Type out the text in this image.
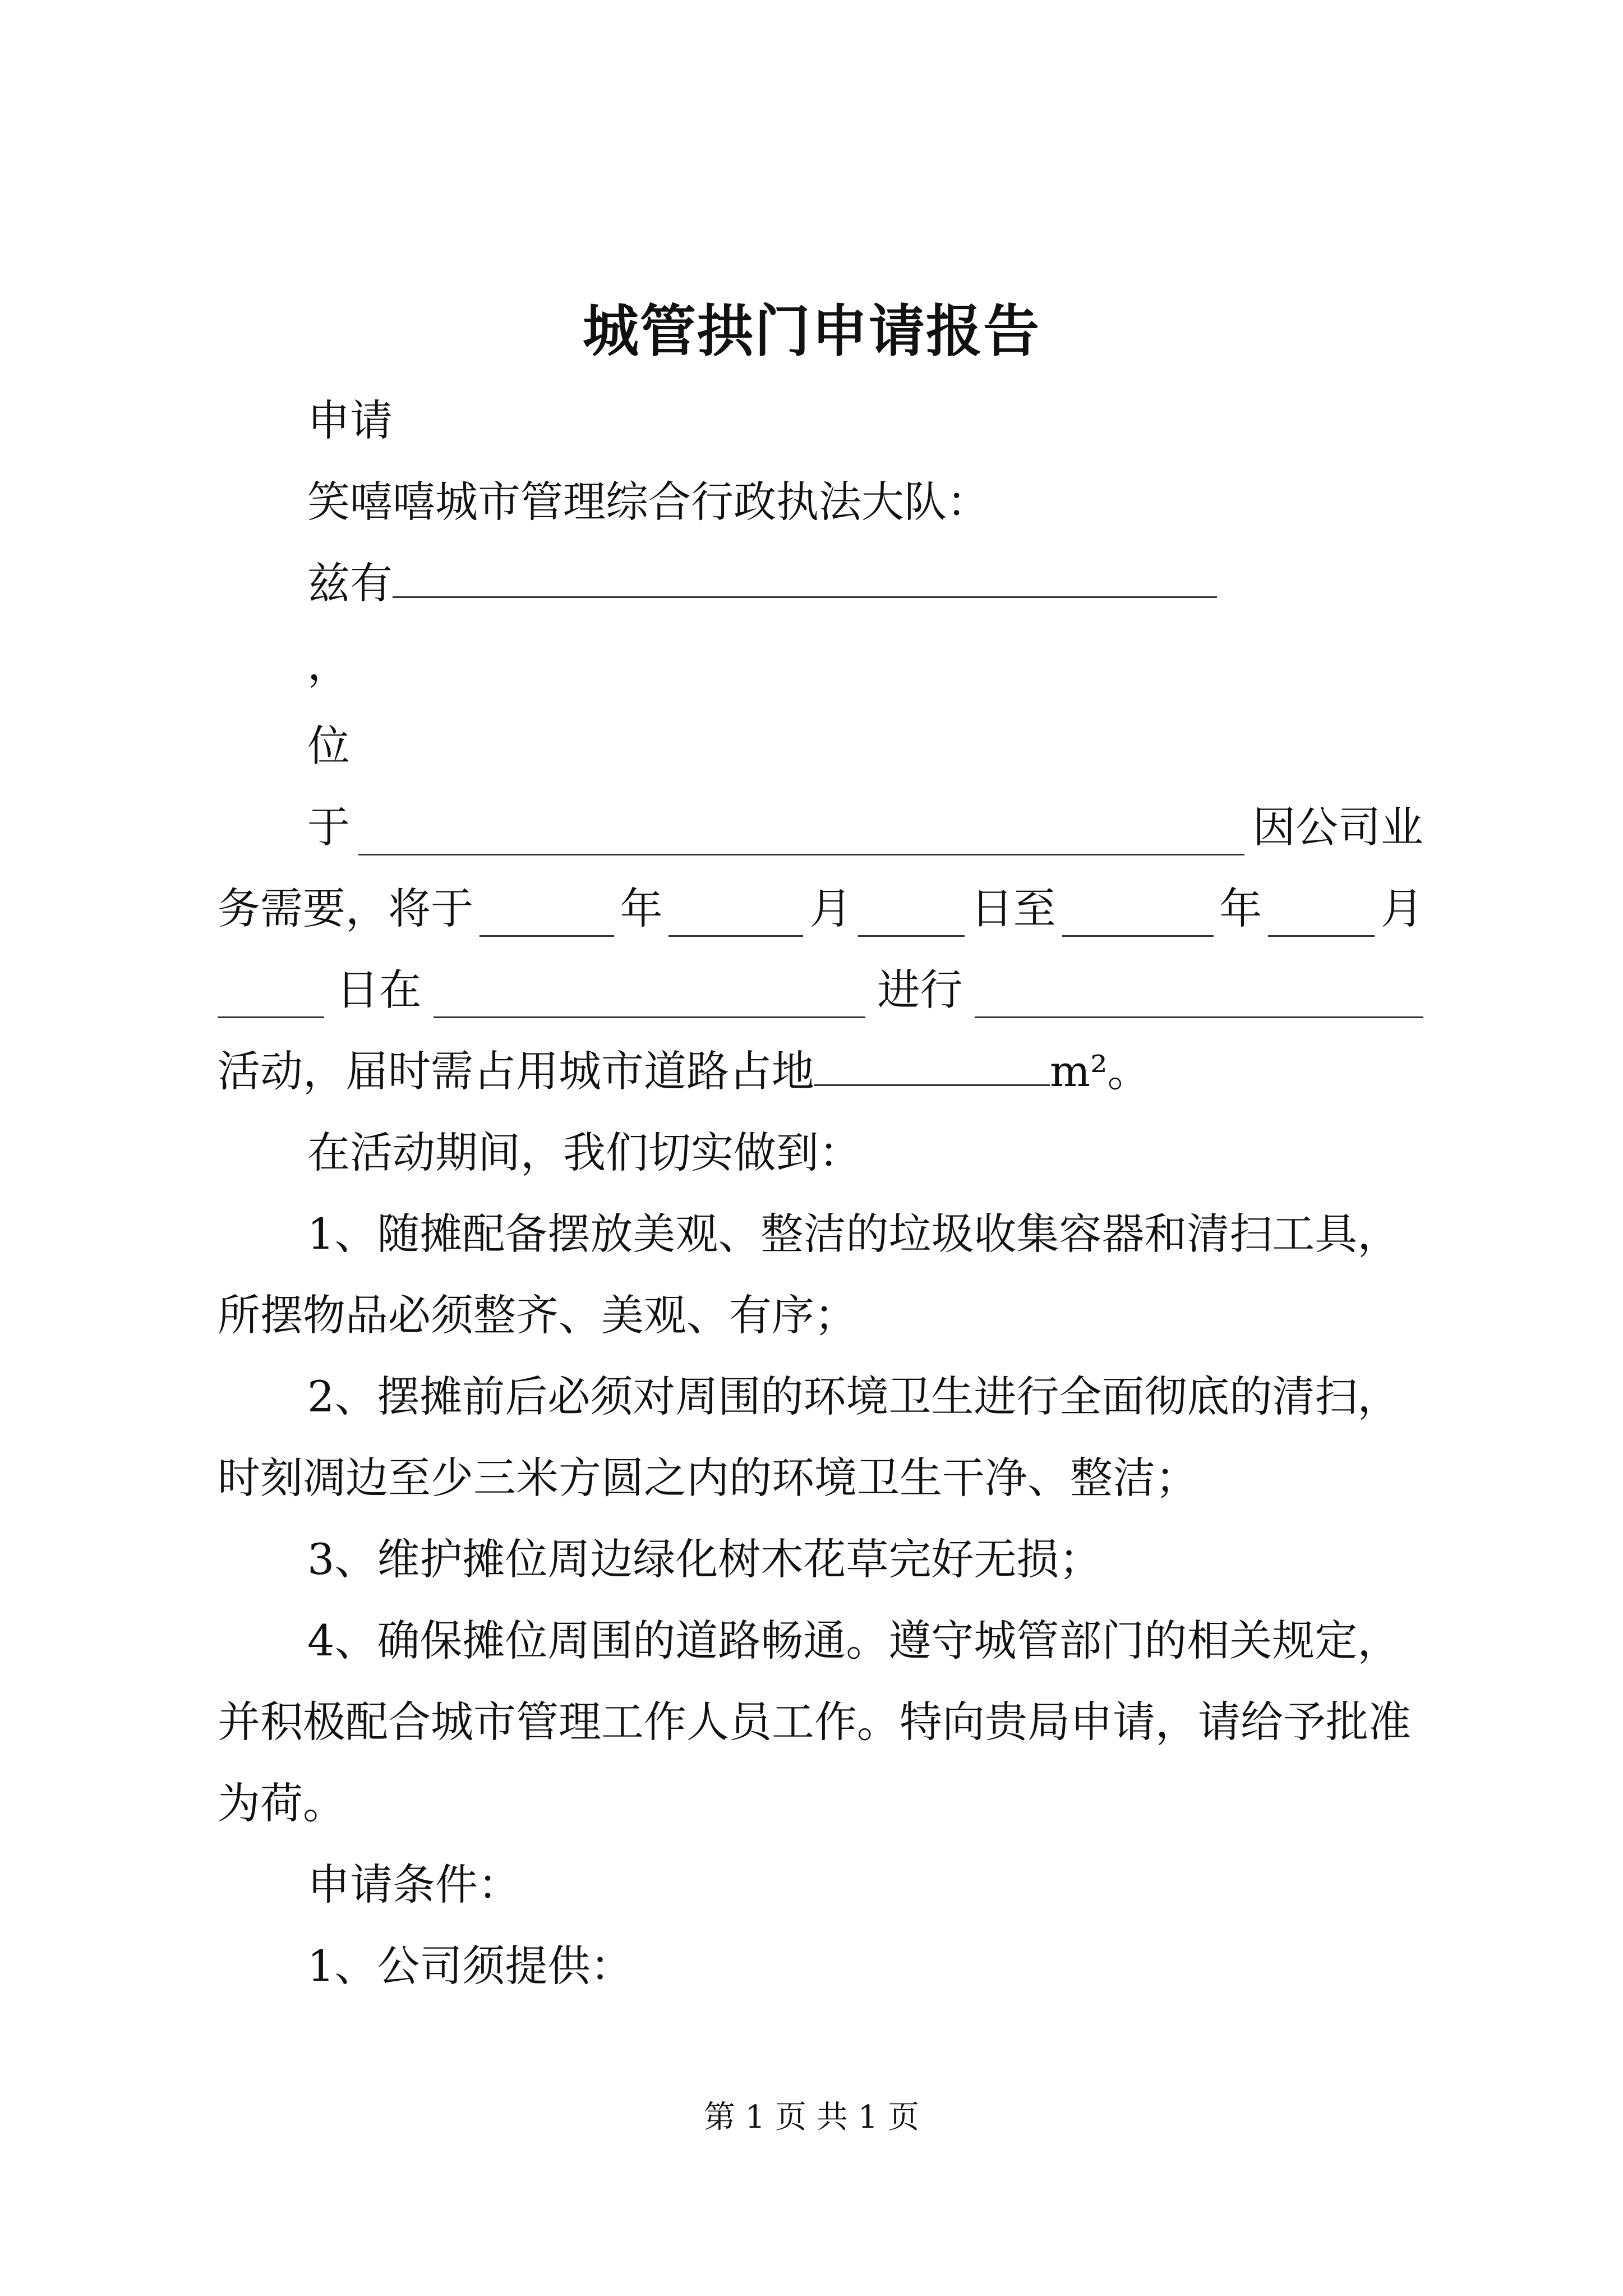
城管拱门申请报告
申请
笑嘻嘻城市管理综合行政执法大队：
兹有
，
位
于	因公司业
务需要，将于	年	月	日至	年	月
日在	进行
活动，届时需占用城市道路占地	m²。
在活动期间，我们切实做到：
1、随摊配备摆放美观、整洁的垃圾收集容器和清扫工具，
所摆物品必须整齐、美观、有序；
2、摆摊前后必须对周围的环境卫生进行全面彻底的清扫，
时刻凋边至少三米方圆之内的环境卫生干净、整洁；
3、维护摊位周边绿化树木花草完好无损；
4、确保摊位周围的道路畅通。遵守城管部门的相关规定，
并积极配合城市管理工作人员工作。特向贵局申请，请给予批准
为荷。
申请条件：
1、公司须提供：
第 1 页 共 1 页
